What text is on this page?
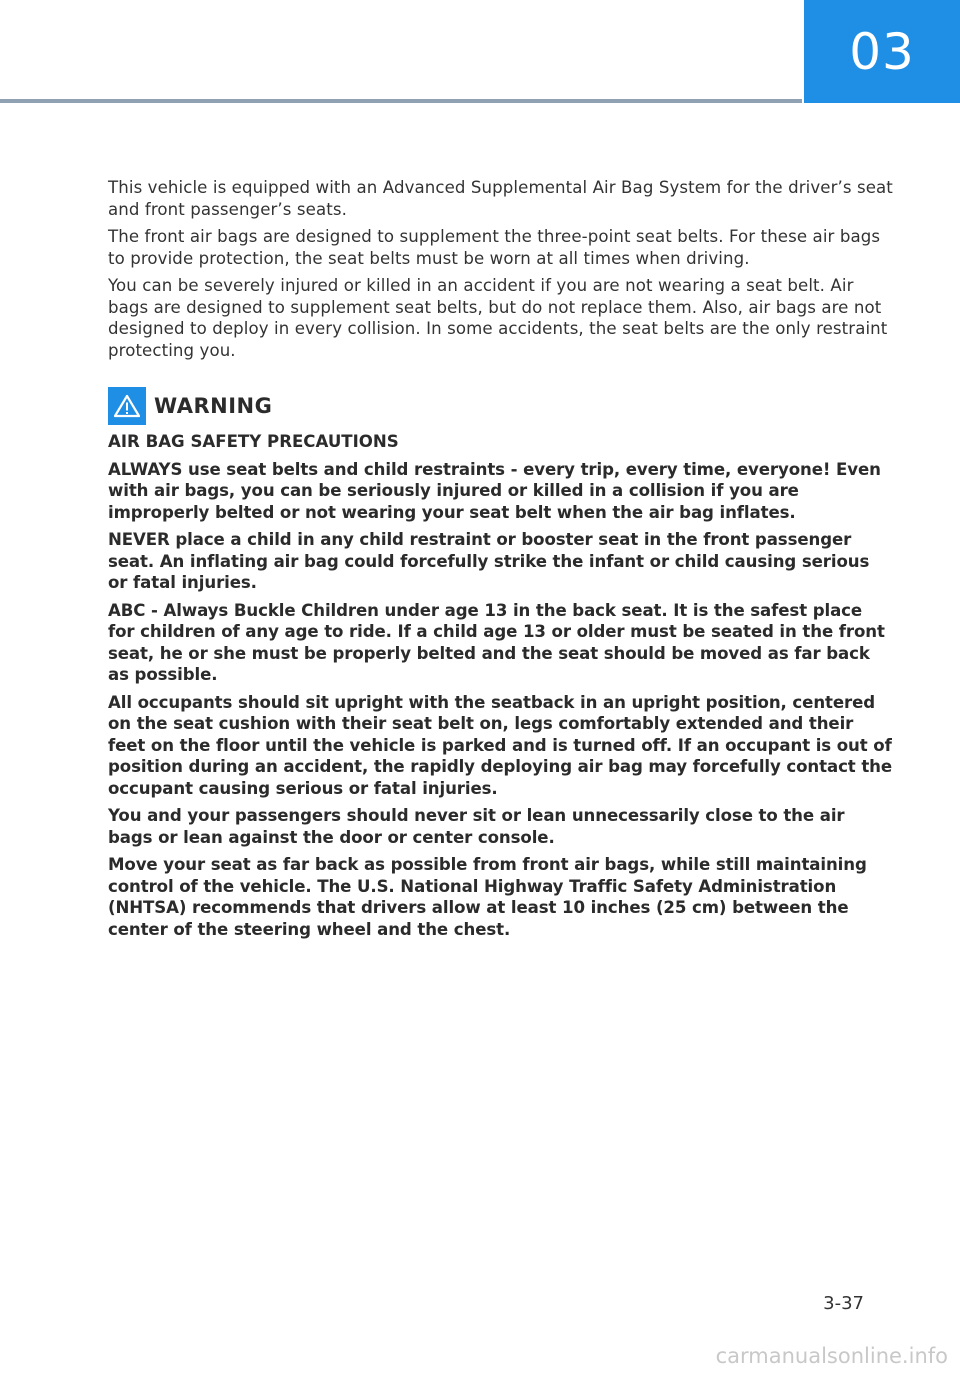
03

This vehicle is equipped with an Advanced Supplemental Air Bag System for the driver’s seat and front passenger’s seats.

The front air bags are designed to supplement the three-point seat belts. For these air bags to provide protection, the seat belts must be worn at all times when driving.

You can be severely injured or killed in an accident if you are not wearing a seat belt. Air bags are designed to supplement seat belts, but do not replace them. Also, air bags are not designed to deploy in every collision. In some accidents, the seat belts are the only restraint protecting you.

WARNING

AIR BAG SAFETY PRECAUTIONS

ALWAYS use seat belts and child restraints - every trip, every time, everyone! Even with air bags, you can be seriously injured or killed in a collision if you are improperly belted or not wearing your seat belt when the air bag inflates.

NEVER place a child in any child restraint or booster seat in the front passenger seat. An inflating air bag could forcefully strike the infant or child causing serious or fatal injuries.

ABC - Always Buckle Children under age 13 in the back seat. It is the safest place for children of any age to ride. If a child age 13 or older must be seated in the front seat, he or she must be properly belted and the seat should be moved as far back as possible.

All occupants should sit upright with the seatback in an upright position, centered on the seat cushion with their seat belt on, legs comfortably extended and their feet on the floor until the vehicle is parked and is turned off. If an occupant is out of position during an accident, the rapidly deploying air bag may forcefully contact the occupant causing serious or fatal injuries.

You and your passengers should never sit or lean unnecessarily close to the air bags or lean against the door or center console.

Move your seat as far back as possible from front air bags, while still maintaining control of the vehicle. The U.S. National Highway Traffic Safety Administration (NHTSA) recommends that drivers allow at least 10 inches (25 cm) between the center of the steering wheel and the chest.

3-37
carmanualsonline.info
